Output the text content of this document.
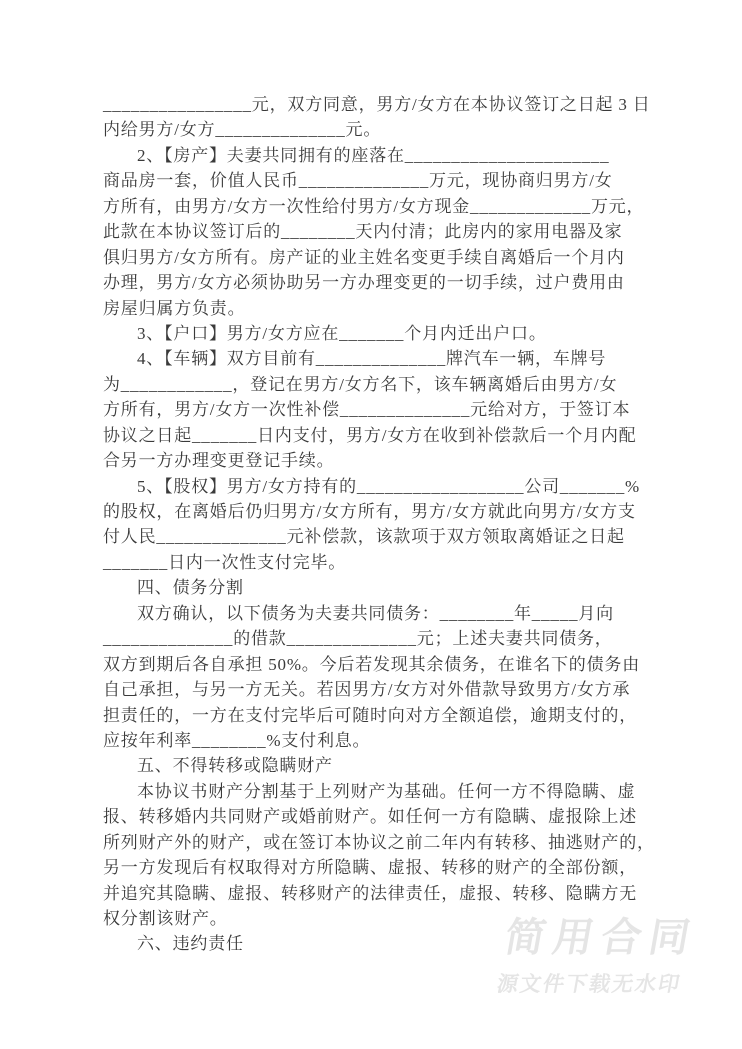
________________元，双方同意，男方/女方在本协议签订之日起 3 日
内给男方/女方______________元。
2、【房产】夫妻共同拥有的座落在______________________
商品房一套，价值人民币______________万元，现协商归男方/女
方所有，由男方/女方一次性给付男方/女方现金_____________万元，
此款在本协议签订后的________天内付清；此房内的家用电器及家
俱归男方/女方所有。房产证的业主姓名变更手续自离婚后一个月内
办理，男方/女方必须协助另一方办理变更的一切手续，过户费用由
房屋归属方负责。
3、【户口】男方/女方应在_______个月内迁出户口。
4、【车辆】双方目前有______________牌汽车一辆，车牌号
为____________，登记在男方/女方名下，该车辆离婚后由男方/女
方所有，男方/女方一次性补偿______________元给对方，于签订本
协议之日起_______日内支付，男方/女方在收到补偿款后一个月内配
合另一方办理变更登记手续。
5、【股权】男方/女方持有的__________________公司_______%
的股权，在离婚后仍归男方/女方所有，男方/女方就此向男方/女方支
付人民______________元补偿款，该款项于双方领取离婚证之日起
_______日内一次性支付完毕。
四、债务分割
双方确认，以下债务为夫妻共同债务：________年_____月向
______________的借款______________元；上述夫妻共同债务，
双方到期后各自承担 50%。今后若发现其余债务，在谁名下的债务由
自己承担，与另一方无关。若因男方/女方对外借款导致男方/女方承
担责任的，一方在支付完毕后可随时向对方全额追偿，逾期支付的，
应按年利率________%支付利息。
五、不得转移或隐瞒财产
本协议书财产分割基于上列财产为基础。任何一方不得隐瞒、虚
报、转移婚内共同财产或婚前财产。如任何一方有隐瞒、虚报除上述
所列财产外的财产，或在签订本协议之前二年内有转移、抽逃财产的，
另一方发现后有权取得对方所隐瞒、虚报、转移的财产的全部份额，
并追究其隐瞒、虚报、转移财产的法律责任，虚报、转移、隐瞒方无
权分割该财产。
六、违约责任	简用合同
源文件下载无水印
